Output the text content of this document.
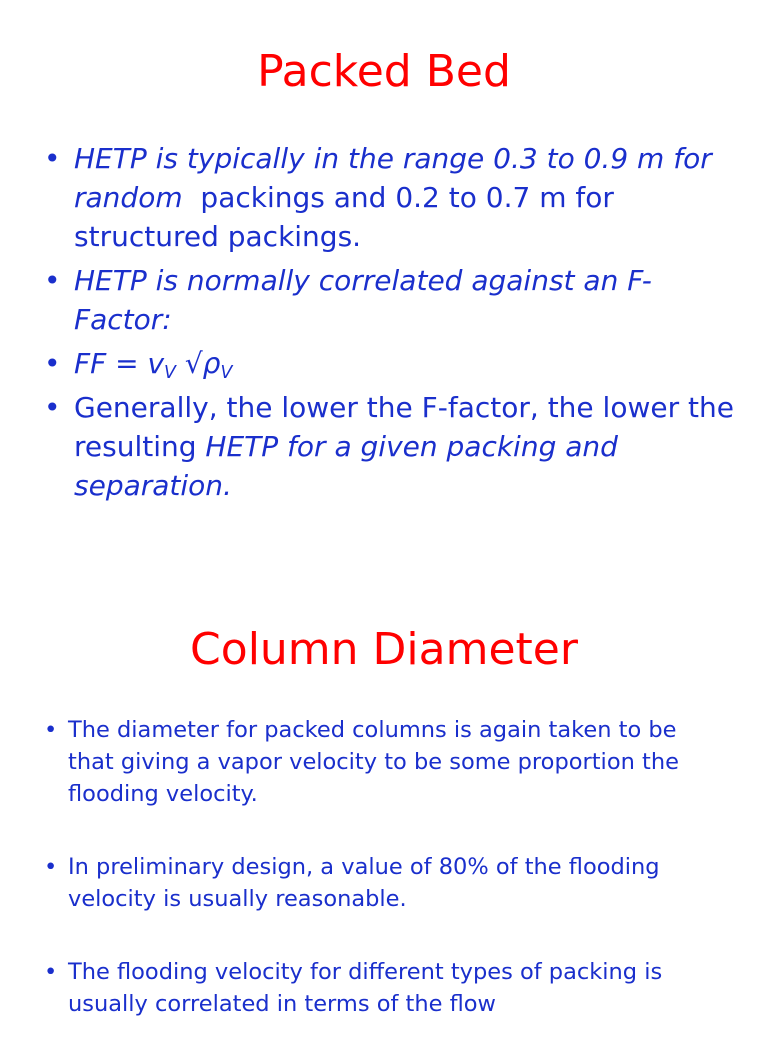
Packed Bed
• HETP is typically in the range 0.3 to 0.9 m for random packings and 0.2 to 0.7 m for structured packings.
• HETP is normally correlated against an F-Factor:
• FF = $v_V$ $√\rho_V$
• Generally, the lower the F-factor, the lower the resulting HETP for a given packing and separation.
Column Diameter
• The diameter for packed columns is again taken to be that giving a vapor velocity to be some proportion the flooding velocity.
• In preliminary design, a value of 80% of the flooding velocity is usually reasonable.
• The flooding velocity for different types of packing is usually correlated in terms of the flow
